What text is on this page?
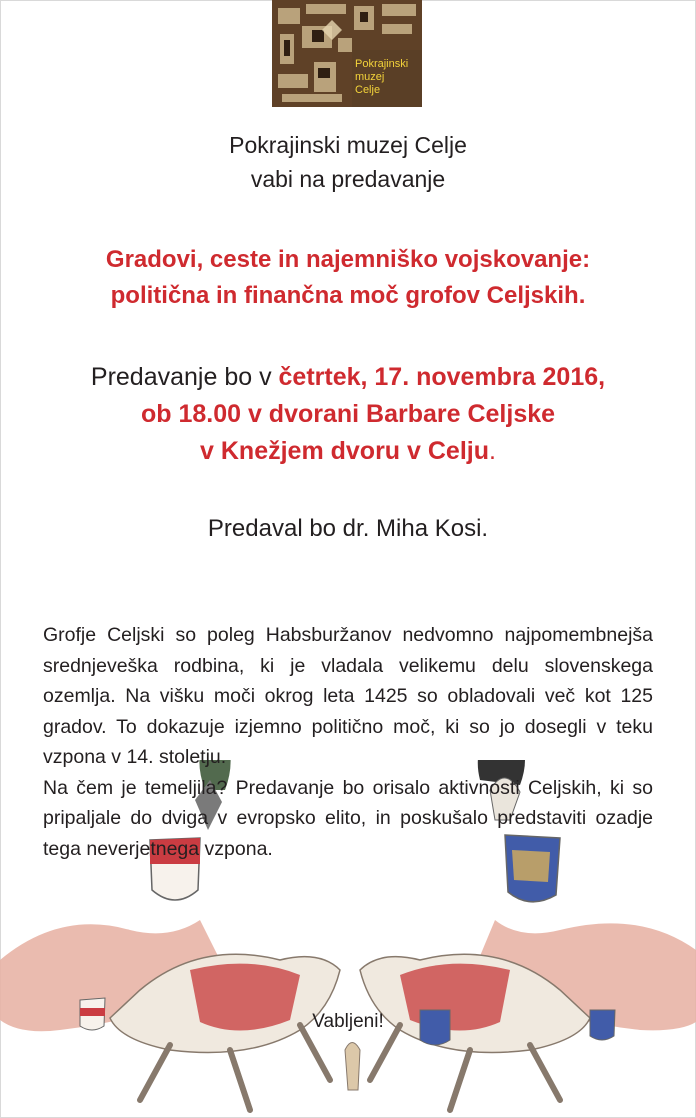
Pokrajinski
muzej
Celje
Pokrajinski muzej Celje
vabi na predavanje
Gradovi, ceste in najemniško vojskovanje:
politična in finančna moč grofov Celjskih.
Predavanje bo v četrtek, 17. novembra 2016,
ob 18.00 v dvorani Barbare Celjske
v Knežjem dvoru v Celju.
Predaval bo dr. Miha Kosi.

Grofje Celjski so poleg Habsburžanov nedvomno najpomembnejša srednjeveška rodbina, ki je vladala velikemu delu slovenskega ozemlja. Na višku moči okrog leta 1425 so obladovali več kot 125 gradov. To dokazuje izjemno politično moč, ki so jo dosegli v teku vzpona v 14. stoletju.

Na čem je temeljila? Predavanje bo orisalo aktivnosti Celjskih, ki so pripaljale do dviga v evropsko elito, in poskušalo predstaviti ozadje tega neverjetnega vzpona.

Vabljeni!
